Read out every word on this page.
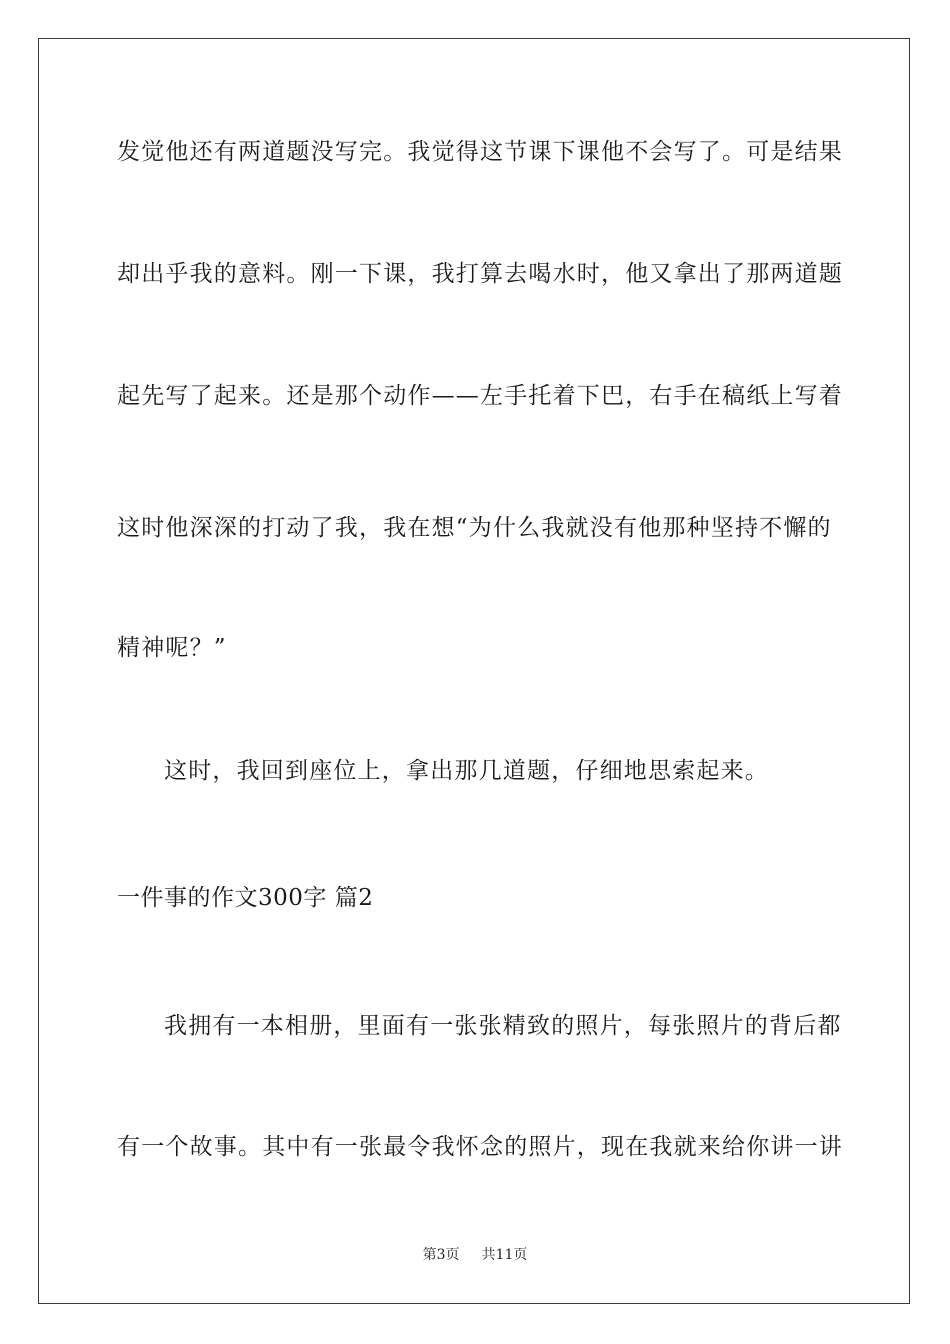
发觉他还有两道题没写完。我觉得这节课下课他不会写了。可是结果
却出乎我的意料。刚一下课，我打算去喝水时，他又拿出了那两道题
起先写了起来。还是那个动作——左手托着下巴，右手在稿纸上写着
这时他深深的打动了我，我在想“为什么我就没有他那种坚持不懈的
精神呢？”
这时，我回到座位上，拿出那几道题，仔细地思索起来。
一件事的作文300字 篇2
我拥有一本相册，里面有一张张精致的照片，每张照片的背后都
有一个故事。其中有一张最令我怀念的照片，现在我就来给你讲一讲
第3页 共11页
